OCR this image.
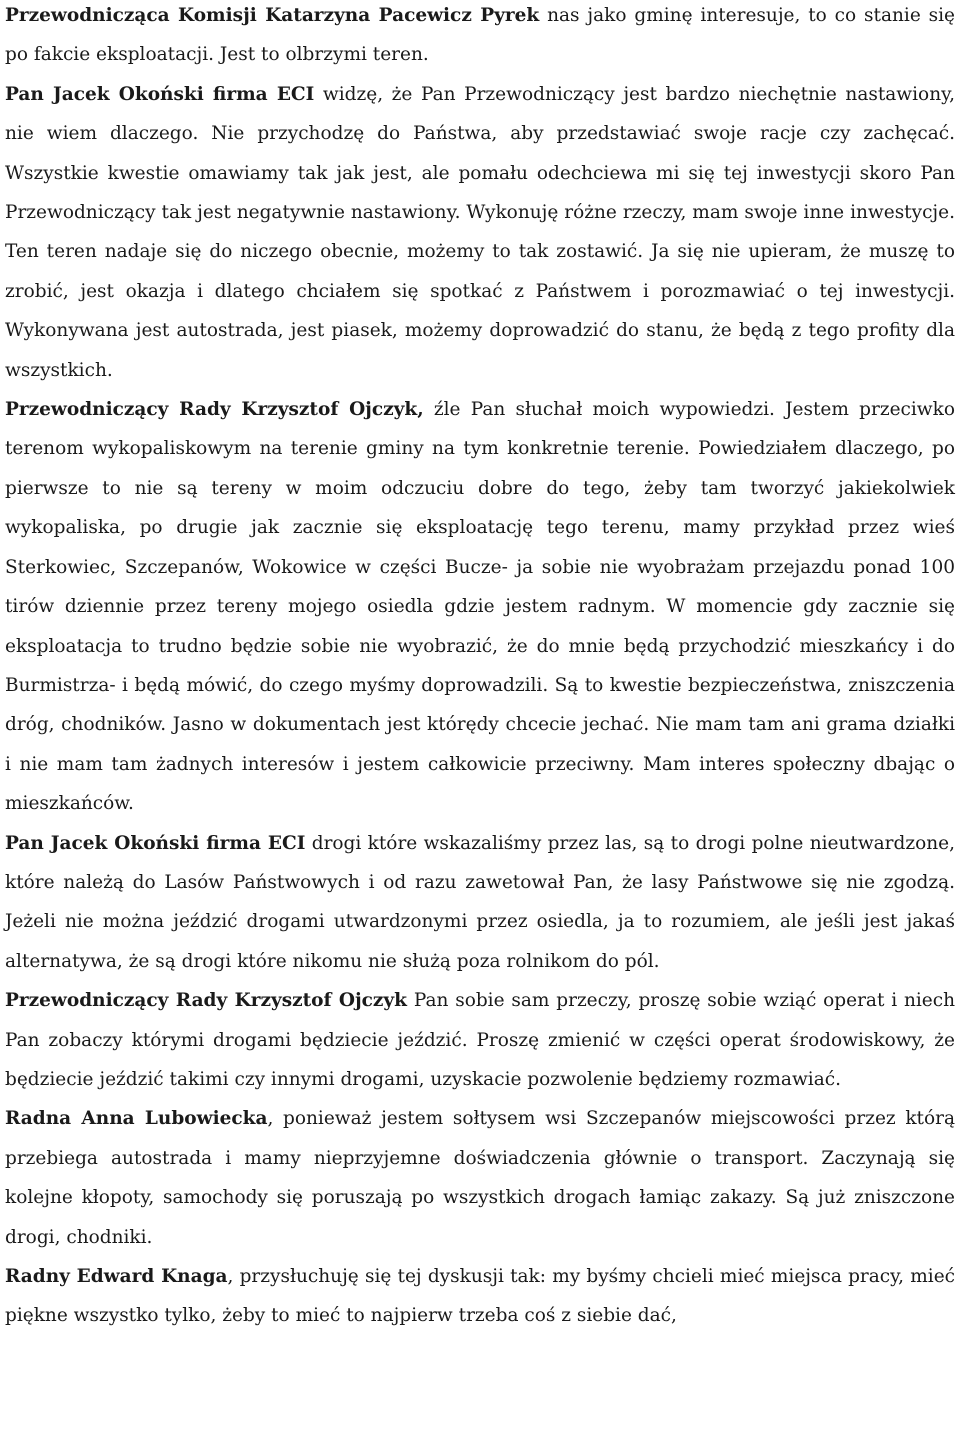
Przewodnicząca Komisji Katarzyna Pacewicz Pyrek nas jako gminę interesuje, to co stanie się po fakcie eksploatacji. Jest to olbrzymi teren.

Pan Jacek Okoński firma ECI widzę, że Pan Przewodniczący jest bardzo niechętnie nastawiony, nie wiem dlaczego. Nie przychodzę do Państwa, aby przedstawiać swoje racje czy zachęcać. Wszystkie kwestie omawiamy tak jak jest, ale pomału odechciewa mi się tej inwestycji skoro Pan Przewodniczący tak jest negatywnie nastawiony. Wykonuję różne rzeczy, mam swoje inne inwestycje. Ten teren nadaje się do niczego obecnie, możemy to tak zostawić. Ja się nie upieram, że muszę to zrobić, jest okazja i dlatego chciałem się spotkać z Państwem i porozmawiać o tej inwestycji. Wykonywana jest autostrada, jest piasek, możemy doprowadzić do stanu, że będą z tego profity dla wszystkich.

Przewodniczący Rady Krzysztof Ojczyk, źle Pan słuchał moich wypowiedzi. Jestem przeciwko terenom wykopaliskowym na terenie gminy na tym konkretnie terenie. Powiedziałem dlaczego, po pierwsze to nie są tereny w moim odczuciu dobre do tego, żeby tam tworzyć jakiekolwiek wykopaliska, po drugie jak zacznie się eksploatację tego terenu, mamy przykład przez wieś Sterkowiec, Szczepanów, Wokowice w części Bucze- ja sobie nie wyobrażam przejazdu ponad 100 tirów dziennie przez tereny mojego osiedla gdzie jestem radnym. W momencie gdy zacznie się eksploatacja to trudno będzie sobie nie wyobrazić, że do mnie będą przychodzić mieszkańcy i do Burmistrza- i będą mówić, do czego myśmy doprowadzili. Są to kwestie bezpieczeństwa, zniszczenia dróg, chodników. Jasno w dokumentach jest którędy chcecie jechać. Nie mam tam ani grama działki i nie mam tam żadnych interesów i jestem całkowicie przeciwny. Mam interes społeczny dbając o mieszkańców.

Pan Jacek Okoński firma ECI drogi które wskazaliśmy przez las, są to drogi polne nieutwardzone, które należą do Lasów Państwowych i od razu zawetował Pan, że lasy Państwowe się nie zgodzą. Jeżeli nie można jeździć drogami utwardzonymi przez osiedla, ja to rozumiem, ale jeśli jest jakaś alternatywa, że są drogi które nikomu nie służą poza rolnikom do pól.

Przewodniczący Rady Krzysztof Ojczyk Pan sobie sam przeczy, proszę sobie wziąć operat i niech Pan zobaczy którymi drogami będziecie jeździć. Proszę zmienić w części operat środowiskowy, że będziecie jeździć takimi czy innymi drogami, uzyskacie pozwolenie będziemy rozmawiać.

Radna Anna Lubowiecka, ponieważ jestem sołtysem wsi Szczepanów miejscowości przez którą przebiega autostrada i mamy nieprzyjemne doświadczenia głównie o transport. Zaczynają się kolejne kłopoty, samochody się poruszają po wszystkich drogach łamiąc zakazy. Są już zniszczone drogi, chodniki.

Radny Edward Knaga, przysłuchuję się tej dyskusji tak: my byśmy chcieli mieć miejsca pracy, mieć piękne wszystko tylko, żeby to mieć to najpierw trzeba coś z siebie dać,
